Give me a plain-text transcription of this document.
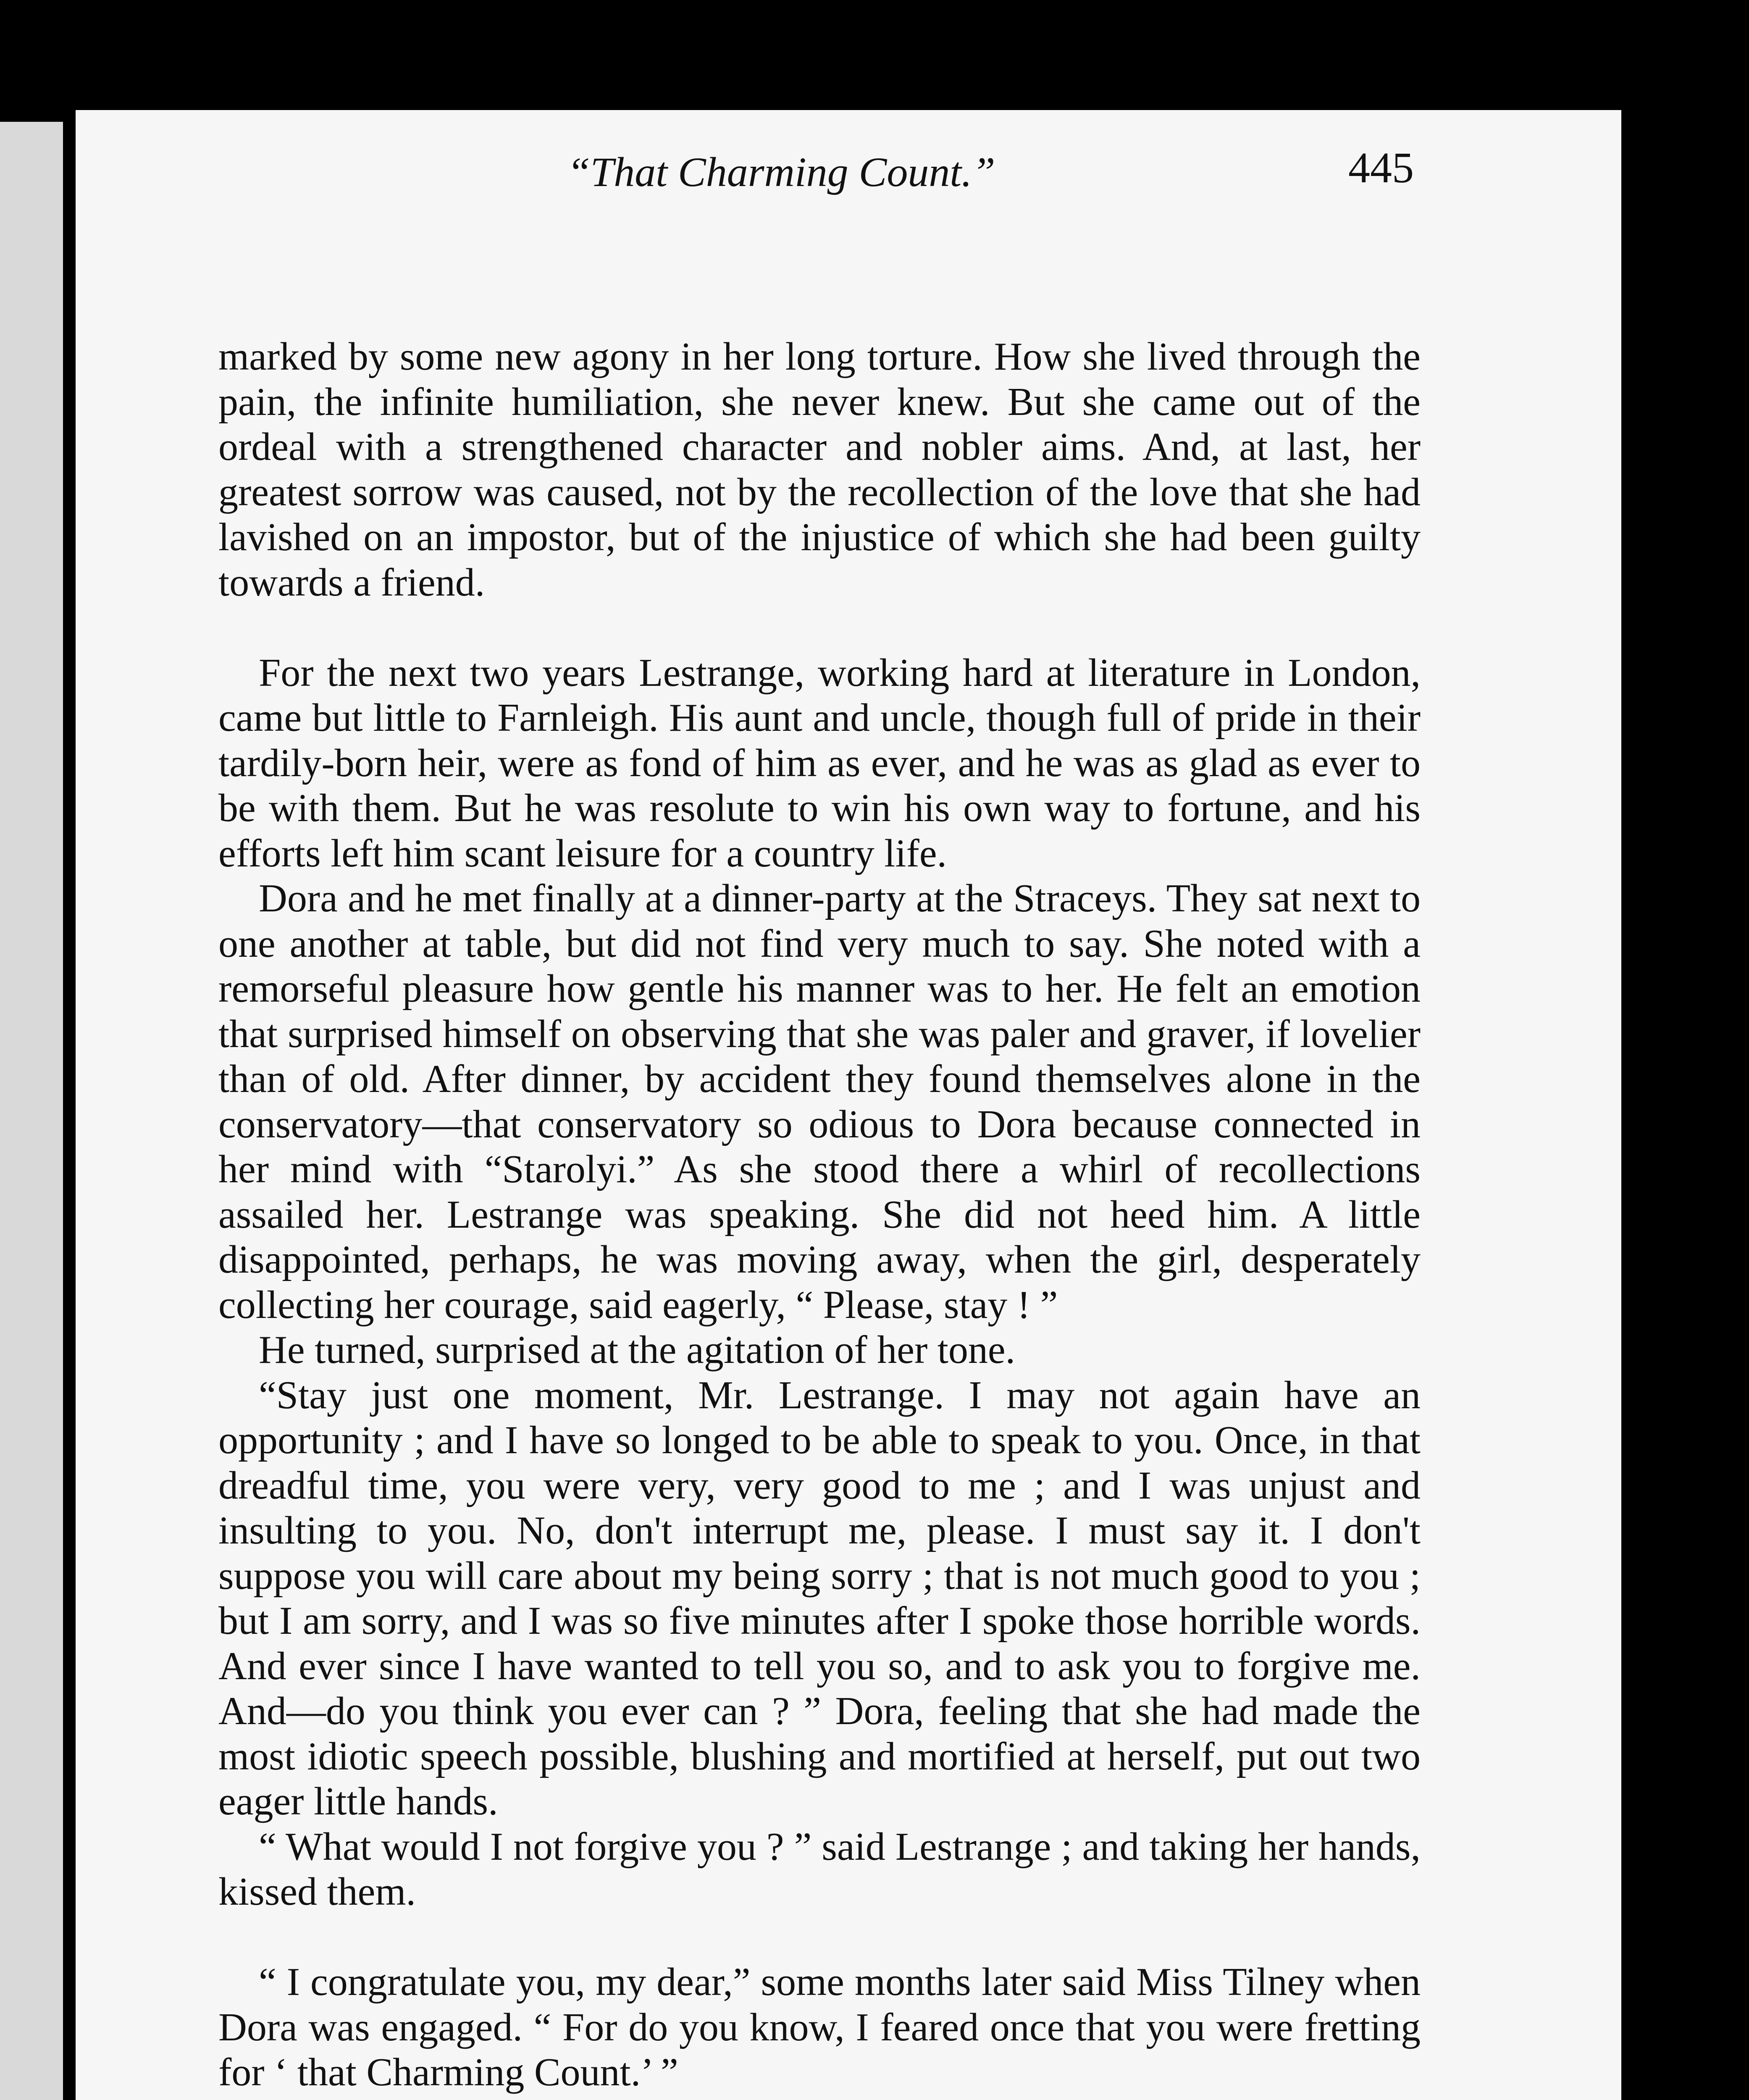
“That Charming Count.”	445

marked by some new agony in her long torture. How she lived through the pain, the infinite humiliation, she never knew. But she came out of the ordeal with a strengthened character and nobler aims. And, at last, her greatest sorrow was caused, not by the recollection of the love that she had lavished on an impostor, but of the injustice of which she had been guilty towards a friend.

For the next two years Lestrange, working hard at literature in London, came but little to Farnleigh. His aunt and uncle, though full of pride in their tardily-born heir, were as fond of him as ever, and he was as glad as ever to be with them. But he was resolute to win his own way to fortune, and his efforts left him scant leisure for a country life.

Dora and he met finally at a dinner-party at the Straceys. They sat next to one another at table, but did not find very much to say. She noted with a remorseful pleasure how gentle his manner was to her. He felt an emotion that surprised himself on observing that she was paler and graver, if lovelier than of old. After dinner, by accident they found themselves alone in the conservatory—that conservatory so odious to Dora because connected in her mind with “Starolyi.” As she stood there a whirl of recollections assailed her. Lestrange was speaking. She did not heed him. A little disappointed, perhaps, he was moving away, when the girl, desperately collecting her courage, said eagerly, “ Please, stay ! ”

He turned, surprised at the agitation of her tone.

“Stay just one moment, Mr. Lestrange. I may not again have an opportunity ; and I have so longed to be able to speak to you. Once, in that dreadful time, you were very, very good to me ; and I was unjust and insulting to you. No, don't interrupt me, please. I must say it. I don't suppose you will care about my being sorry ; that is not much good to you ; but I am sorry, and I was so five minutes after I spoke those horrible words. And ever since I have wanted to tell you so, and to ask you to forgive me. And—do you think you ever can ? ” Dora, feeling that she had made the most idiotic speech possible, blushing and mortified at herself, put out two eager little hands.

“ What would I not forgive you ? ” said Lestrange ; and taking her hands, kissed them.

“ I congratulate you, my dear,” some months later said Miss Tilney when Dora was engaged. “ For do you know, I feared once that you were fretting for ‘ that Charming Count.’ ”
